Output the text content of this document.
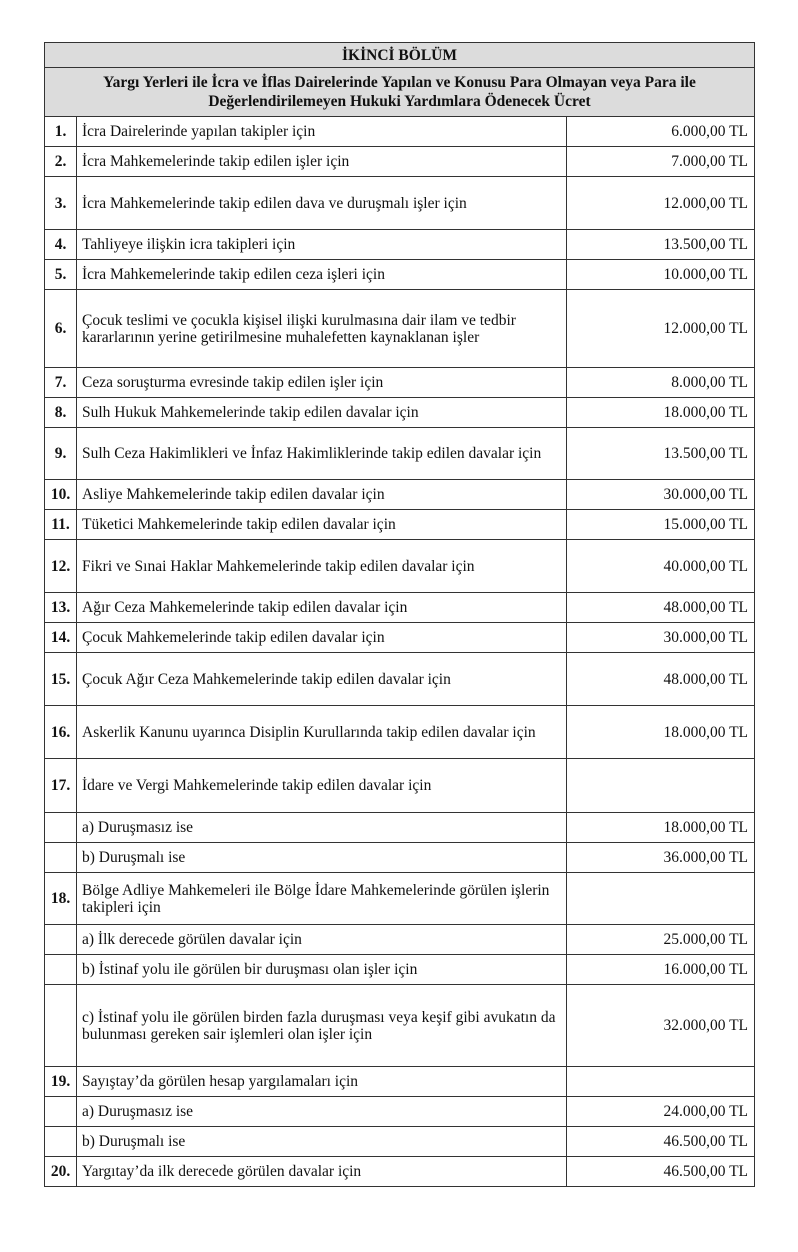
İKİNCİ BÖLÜM		
Yargı Yerleri ile İcra ve İflas Dairelerinde Yapılan ve Konusu Para Olmayan veya Para ile Değerlendirilemeyen Hukuki Yardımlara Ödenecek Ücret		
1.	İcra Dairelerinde yapılan takipler için	6.000,00 TL
2.	İcra Mahkemelerinde takip edilen işler için	7.000,00 TL
3.	İcra Mahkemelerinde takip edilen dava ve duruşmalı işler için	12.000,00 TL
4.	Tahliyeye ilişkin icra takipleri için	13.500,00 TL
5.	İcra Mahkemelerinde takip edilen ceza işleri için	10.000,00 TL
6.	Çocuk teslimi ve çocukla kişisel ilişki kurulmasına dair ilam ve tedbir kararlarının yerine getirilmesine muhalefetten kaynaklanan işler	12.000,00 TL
7.	Ceza soruşturma evresinde takip edilen işler için	8.000,00 TL
8.	Sulh Hukuk Mahkemelerinde takip edilen davalar için	18.000,00 TL
9.	Sulh Ceza Hakimlikleri ve İnfaz Hakimliklerinde takip edilen davalar için	13.500,00 TL
10.	Asliye Mahkemelerinde takip edilen davalar için	30.000,00 TL
11.	Tüketici Mahkemelerinde takip edilen davalar için	15.000,00 TL
12.	Fikri ve Sınai Haklar Mahkemelerinde takip edilen davalar için	40.000,00 TL
13.	Ağır Ceza Mahkemelerinde takip edilen davalar için	48.000,00 TL
14.	Çocuk Mahkemelerinde takip edilen davalar için	30.000,00 TL
15.	Çocuk Ağır Ceza Mahkemelerinde takip edilen davalar için	48.000,00 TL
16.	Askerlik Kanunu uyarınca Disiplin Kurullarında takip edilen davalar için	18.000,00 TL
17.	İdare ve Vergi Mahkemelerinde takip edilen davalar için	
	a) Duruşmasız ise	18.000,00 TL
	b) Duruşmalı ise	36.000,00 TL
18.	Bölge Adliye Mahkemeleri ile Bölge İdare Mahkemelerinde görülen işlerin takipleri için	
	a) İlk derecede görülen davalar için	25.000,00 TL
	b) İstinaf yolu ile görülen bir duruşması olan işler için	16.000,00 TL
	c) İstinaf yolu ile görülen birden fazla duruşması veya keşif gibi avukatın da bulunması gereken sair işlemleri olan işler için	32.000,00 TL
19.	Sayıştay’da görülen hesap yargılamaları için	
	a) Duruşmasız ise	24.000,00 TL
	b) Duruşmalı ise	46.500,00 TL
20.	Yargıtay’da ilk derecede görülen davalar için	46.500,00 TL
